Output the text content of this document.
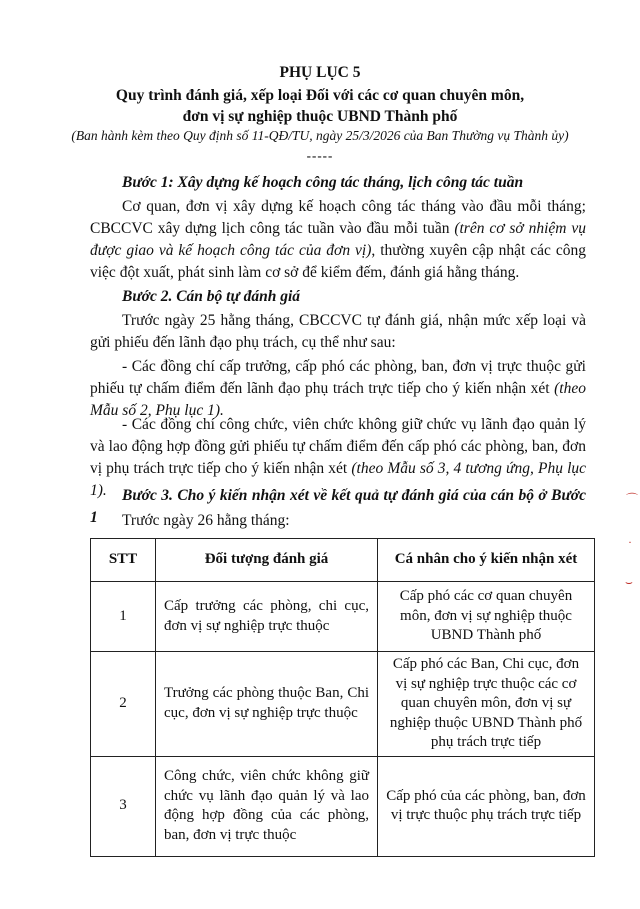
PHỤ LỤC 5
Quy trình đánh giá, xếp loại Đối với các cơ quan chuyên môn,
đơn vị sự nghiệp thuộc UBND Thành phố
(Ban hành kèm theo Quy định số 11-QĐ/TU, ngày 25/3/2026 của Ban Thường vụ Thành ủy)
-----
Bước 1: Xây dựng kế hoạch công tác tháng, lịch công tác tuần
Cơ quan, đơn vị xây dựng kế hoạch công tác tháng vào đầu mỗi tháng; CBCCVC xây dựng lịch công tác tuần vào đầu mỗi tuần (trên cơ sở nhiệm vụ được giao và kế hoạch công tác của đơn vị), thường xuyên cập nhật các công việc đột xuất, phát sinh làm cơ sở để kiểm đếm, đánh giá hằng tháng.
Bước 2. Cán bộ tự đánh giá
Trước ngày 25 hằng tháng, CBCCVC tự đánh giá, nhận mức xếp loại và gửi phiếu đến lãnh đạo phụ trách, cụ thể như sau:
- Các đồng chí cấp trưởng, cấp phó các phòng, ban, đơn vị trực thuộc gửi phiếu tự chấm điểm đến lãnh đạo phụ trách trực tiếp cho ý kiến nhận xét (theo Mẫu số 2, Phụ lục 1).
- Các đồng chí công chức, viên chức không giữ chức vụ lãnh đạo quản lý và lao động hợp đồng gửi phiếu tự chấm điểm đến cấp phó các phòng, ban, đơn vị phụ trách trực tiếp cho ý kiến nhận xét (theo Mẫu số 3, 4 tương ứng, Phụ lục 1). Bước 3. Cho ý kiến nhận xét về kết quả tự đánh giá của cán bộ ở Bước 1	Trước ngày 26 hằng tháng:
STT	Đối tượng đánh giá	Cá nhân cho ý kiến nhận xét
1	Cấp trưởng các phòng, chi cục, đơn vị sự nghiệp trực thuộc	Cấp phó các cơ quan chuyên môn, đơn vị sự nghiệp thuộc UBND Thành phố
2	Trưởng các phòng thuộc Ban, Chi cục, đơn vị sự nghiệp trực thuộc	Cấp phó các Ban, Chi cục, đơn vị sự nghiệp trực thuộc các cơ quan chuyên môn, đơn vị sự nghiệp thuộc UBND Thành phố phụ trách trực tiếp
3	Công chức, viên chức không giữ chức vụ lãnh đạo quản lý và lao động hợp đồng của các phòng, ban, đơn vị trực thuộc	Cấp phó của các phòng, ban, đơn vị trực thuộc phụ trách trực tiếp
⌒
·
⌣
